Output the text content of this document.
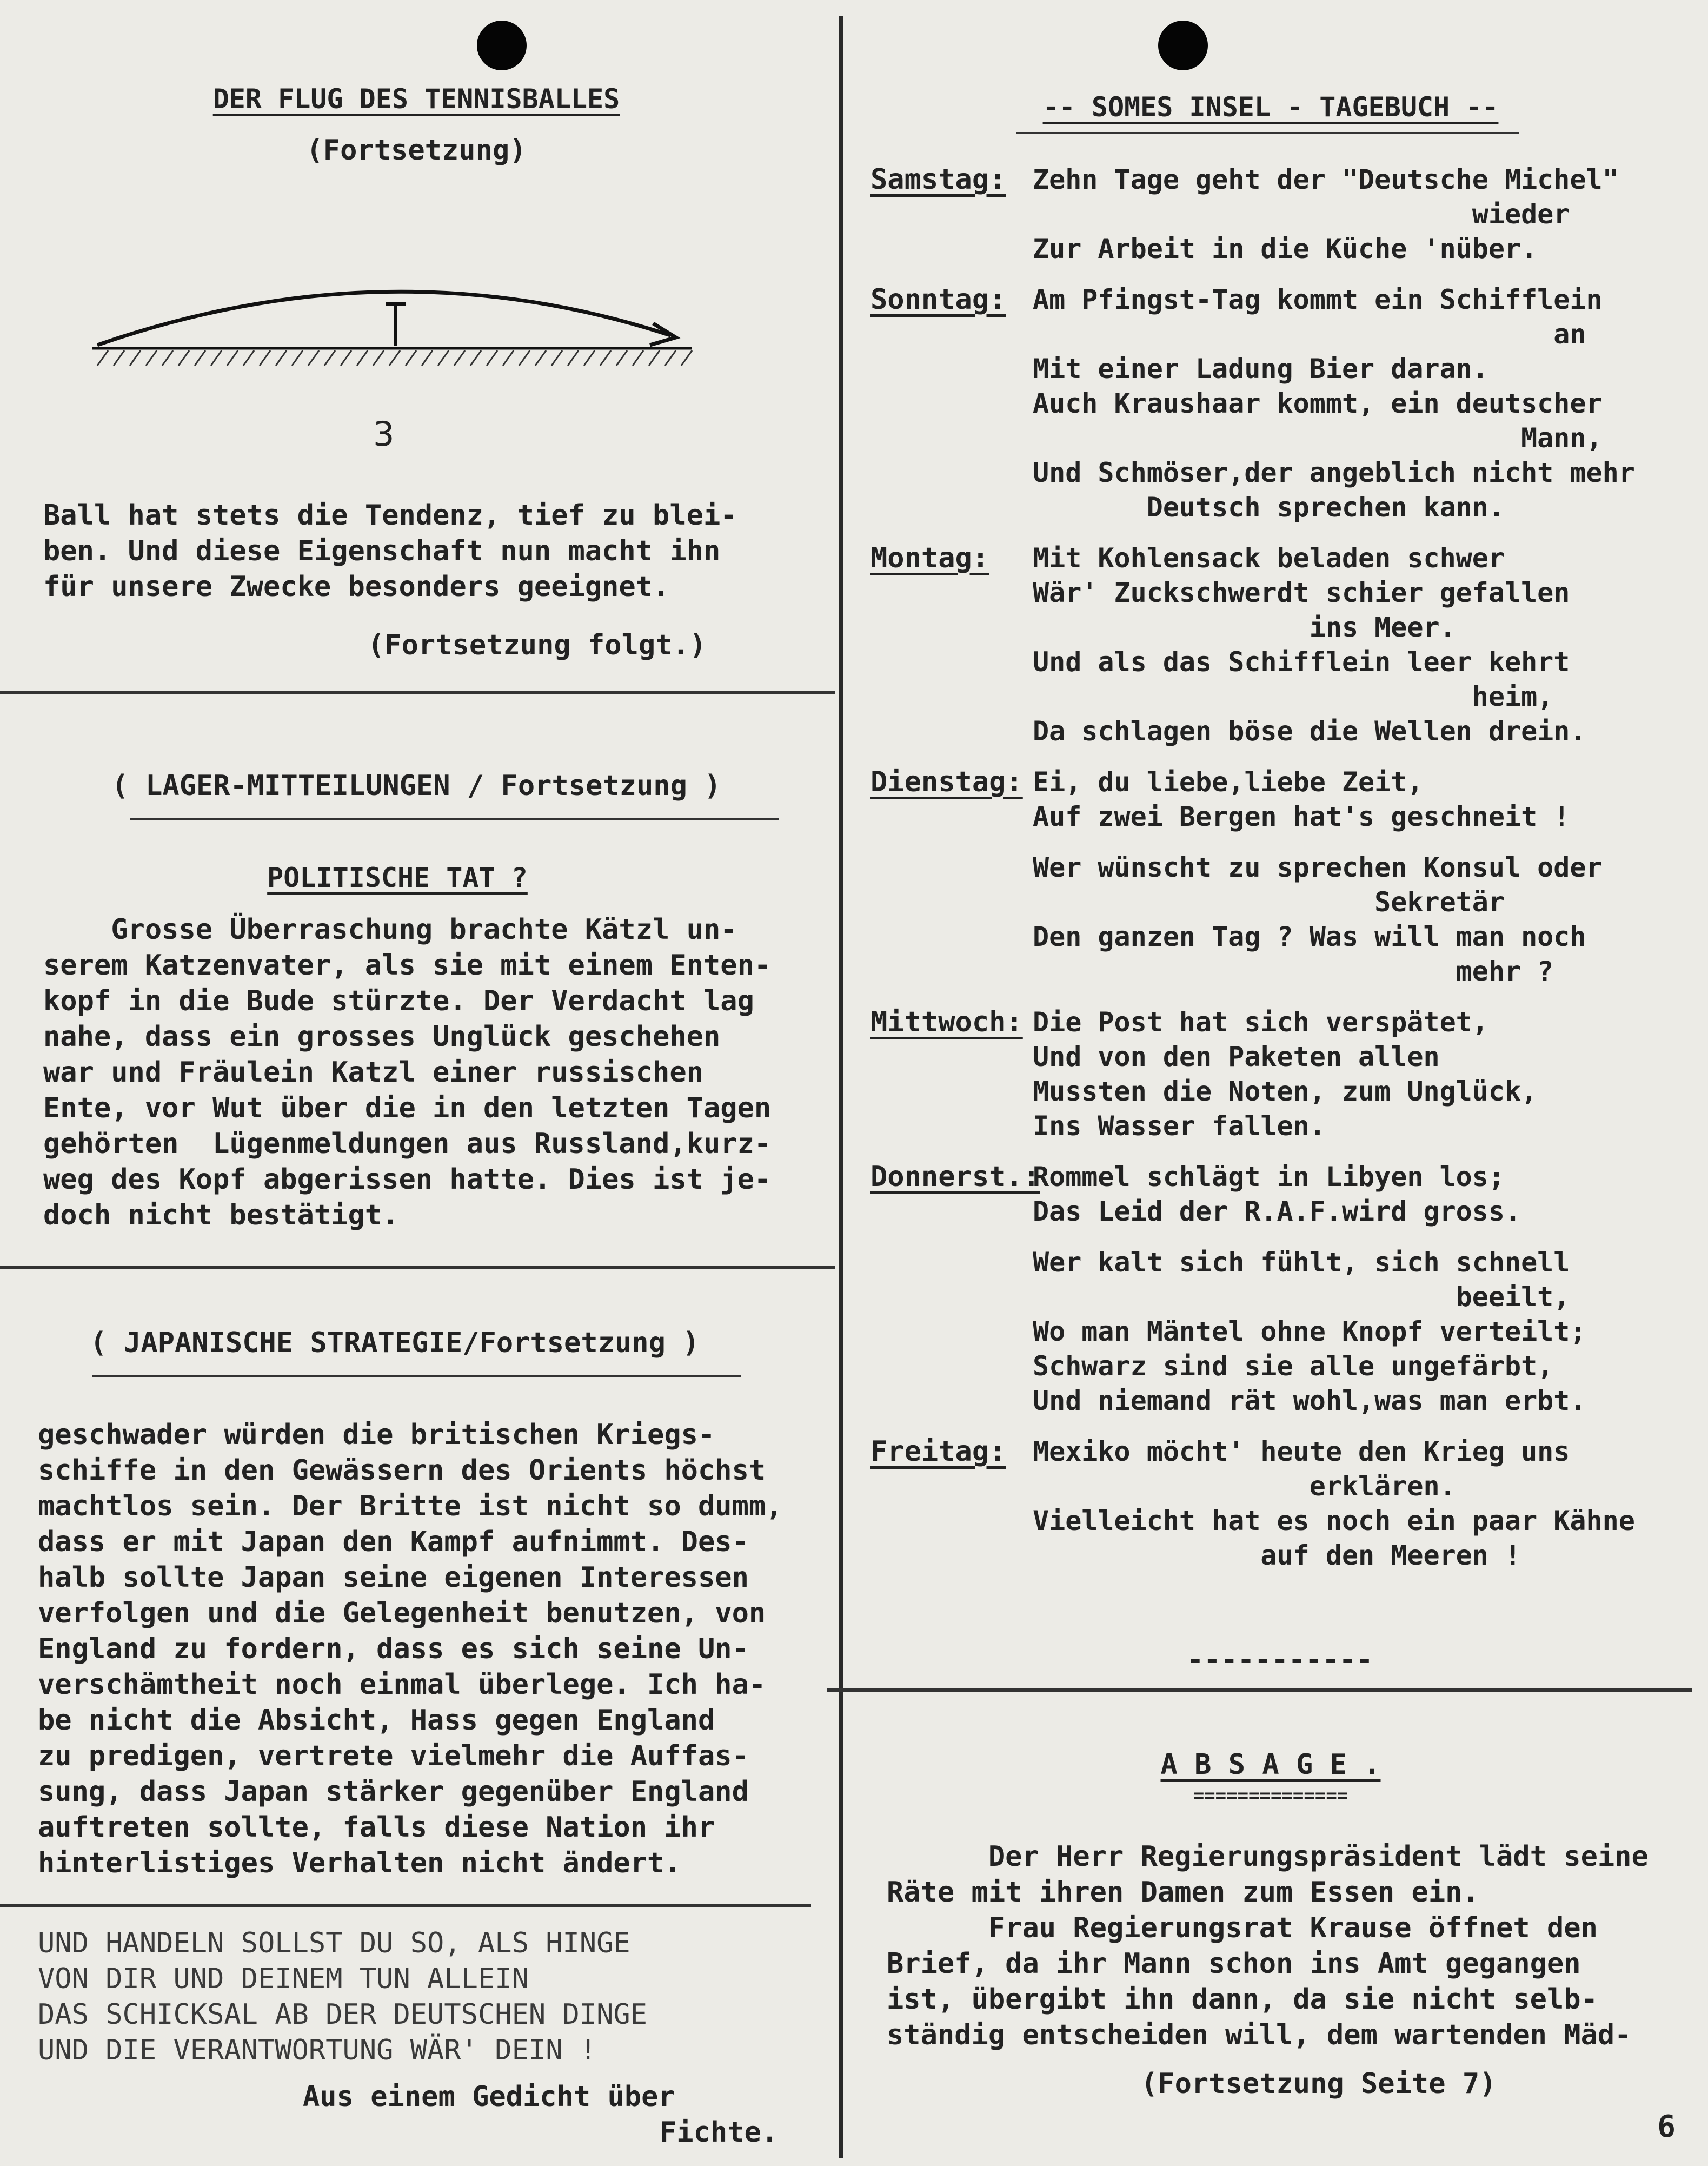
DER FLUG DES TENNISBALLES
(Fortsetzung)
3
Ball hat stets die Tendenz, tief zu blei-
ben. Und diese Eigenschaft nun macht ihn
für unsere Zwecke besonders geeignet.
(Fortsetzung folgt.)
( LAGER-MITTEILUNGEN / Fortsetzung )
POLITISCHE TAT ?
Grosse Überraschung brachte Kätzl un-
serem Katzenvater, als sie mit einem Enten-
kopf in die Bude stürzte. Der Verdacht lag
nahe, dass ein grosses Unglück geschehen
war und Fräulein Katzl einer russischen
Ente, vor Wut über die in den letzten Tagen
gehörten  Lügenmeldungen aus Russland,kurz-
weg des Kopf abgerissen hatte. Dies ist je-
doch nicht bestätigt.
( JAPANISCHE STRATEGIE/Fortsetzung )
geschwader würden die britischen Kriegs-
schiffe in den Gewässern des Orients höchst
machtlos sein. Der Britte ist nicht so dumm,
dass er mit Japan den Kampf aufnimmt. Des-
halb sollte Japan seine eigenen Interessen
verfolgen und die Gelegenheit benutzen, von
England zu fordern, dass es sich seine Un-
verschämtheit noch einmal überlege. Ich ha-
be nicht die Absicht, Hass gegen England
zu predigen, vertrete vielmehr die Auffas-
sung, dass Japan stärker gegenüber England
auftreten sollte, falls diese Nation ihr
hinterlistiges Verhalten nicht ändert.
UND HANDELN SOLLST DU SO, ALS HINGE
VON DIR UND DEINEM TUN ALLEIN
DAS SCHICKSAL AB DER DEUTSCHEN DINGE
UND DIE VERANTWORTUNG WÄR' DEIN !
Aus einem Gedicht über
Fichte.
-- SOMES INSEL - TAGEBUCH --
Samstag: Zehn Tage geht der "Deutsche Michel"
wieder
Zur Arbeit in die Küche 'nüber.
Sonntag: Am Pfingst-Tag kommt ein Schifflein
an
Mit einer Ladung Bier daran.
Auch Kraushaar kommt, ein deutscher
Mann,
Und Schmöser,der angeblich nicht mehr
Deutsch sprechen kann.
Montag: Mit Kohlensack beladen schwer
Wär' Zuckschwerdt schier gefallen
ins Meer.
Und als das Schifflein leer kehrt
heim,
Da schlagen böse die Wellen drein.
Dienstag: Ei, du liebe,liebe Zeit,
Auf zwei Bergen hat's geschneit !
Wer wünscht zu sprechen Konsul oder
Sekretär
Den ganzen Tag ? Was will man noch
mehr ?
Mittwoch: Die Post hat sich verspätet,
Und von den Paketen allen
Mussten die Noten, zum Unglück,
Ins Wasser fallen.
Donnerst.:
Rommel schlägt in Libyen los;
Das Leid der R.A.F.wird gross.
Wer kalt sich fühlt, sich schnell
beeilt,
Wo man Mäntel ohne Knopf verteilt;
Schwarz sind sie alle ungefärbt,
Und niemand rät wohl,was man erbt.
Freitag: Mexiko möcht' heute den Krieg uns
erklären.
Vielleicht hat es noch ein paar Kähne
auf den Meeren !
-----------
A B S A G E .
==============
Der Herr Regierungspräsident lädt seine
Räte mit ihren Damen zum Essen ein.
Frau Regierungsrat Krause öffnet den
Brief, da ihr Mann schon ins Amt gegangen
ist, übergibt ihn dann, da sie nicht selb-
ständig entscheiden will, dem wartenden Mäd-
(Fortsetzung Seite 7)
6
